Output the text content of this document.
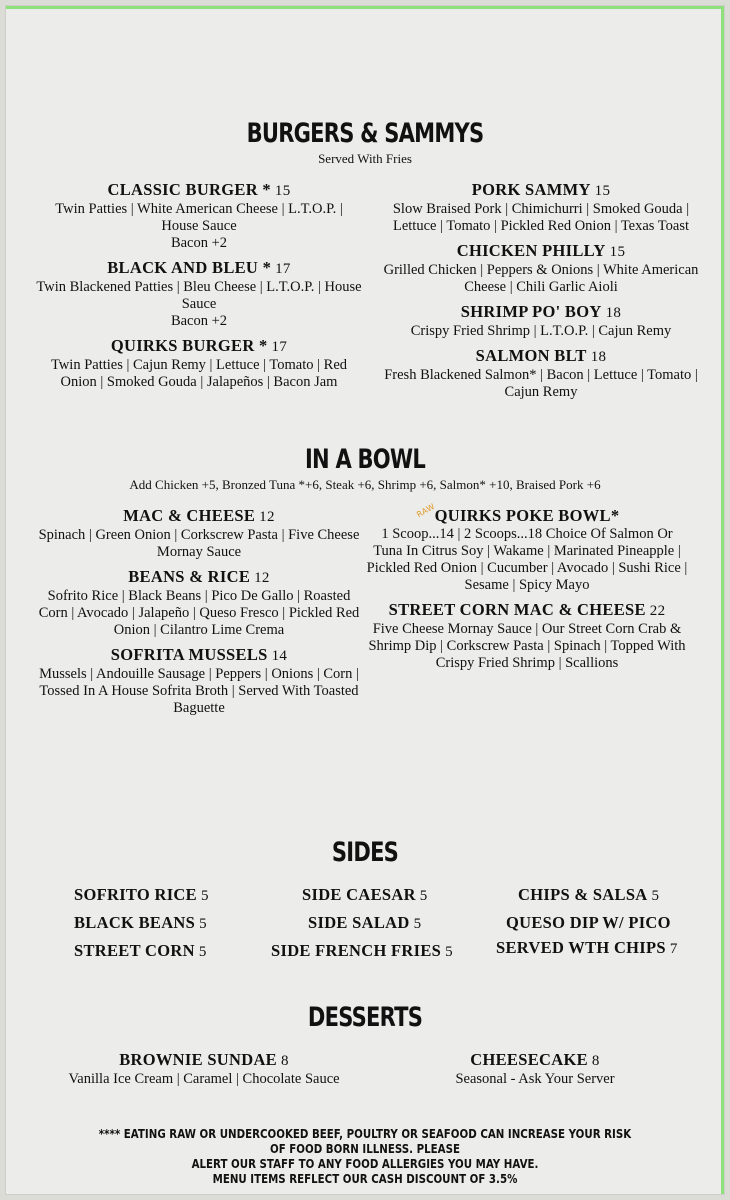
BURGERS & SAMMYS
Served With Fries
CLASSIC BURGER * 15
Twin Patties | White American Cheese | L.T.O.P. | House Sauce
Bacon +2
BLACK AND BLEU * 17
Twin Blackened Patties | Bleu Cheese | L.T.O.P. | House Sauce
Bacon +2
QUIRKS BURGER * 17
Twin Patties | Cajun Remy | Lettuce | Tomato | Red Onion | Smoked Gouda | Jalapeños | Bacon Jam
PORK SAMMY 15
Slow Braised Pork | Chimichurri | Smoked Gouda | Lettuce | Tomato | Pickled Red Onion | Texas Toast
CHICKEN PHILLY 15
Grilled Chicken | Peppers & Onions | White American Cheese | Chili Garlic Aioli
SHRIMP PO' BOY 18
Crispy Fried Shrimp | L.T.O.P. | Cajun Remy
SALMON BLT 18
Fresh Blackened Salmon* | Bacon | Lettuce | Tomato | Cajun Remy
IN A BOWL
Add Chicken +5, Bronzed Tuna *+6, Steak +6, Shrimp +6, Salmon* +10, Braised Pork +6
MAC & CHEESE 12
Spinach | Green Onion | Corkscrew Pasta | Five Cheese Mornay Sauce
BEANS & RICE 12
Sofrito Rice | Black Beans | Pico De Gallo | Roasted Corn | Avocado | Jalapeño | Queso Fresco | Pickled Red Onion | Cilantro Lime Crema
SOFRITA MUSSELS 14
Mussels | Andouille Sausage | Peppers | Onions | Corn | Tossed In A House Sofrita Broth | Served With Toasted Baguette
RAW
QUIRKS POKE BOWL*
1 Scoop...14 | 2 Scoops...18 Choice Of Salmon Or Tuna In Citrus Soy | Wakame | Marinated Pineapple | Pickled Red Onion | Cucumber | Avocado | Sushi Rice | Sesame | Spicy Mayo
STREET CORN MAC & CHEESE 22
Five Cheese Mornay Sauce | Our Street Corn Crab & Shrimp Dip | Corkscrew Pasta | Spinach | Topped With Crispy Fried Shrimp | Scallions
SIDES
SOFRITO RICE 5
BLACK BEANS 5
STREET CORN 5
SIDE CAESAR 5
SIDE SALAD 5
SIDE FRENCH FRIES 5
CHIPS & SALSA 5
QUESO DIP W/ PICO
SERVED WTH CHIPS 7
DESSERTS
BROWNIE SUNDAE 8
Vanilla Ice Cream | Caramel | Chocolate Sauce
CHEESECAKE 8
Seasonal - Ask Your Server
**** EATING RAW OR UNDERCOOKED BEEF, POULTRY OR SEAFOOD CAN INCREASE YOUR RISK OF FOOD BORN ILLNESS. PLEASE
ALERT OUR STAFF TO ANY FOOD ALLERGIES YOU MAY HAVE.
MENU ITEMS REFLECT OUR CASH DISCOUNT OF 3.5%
